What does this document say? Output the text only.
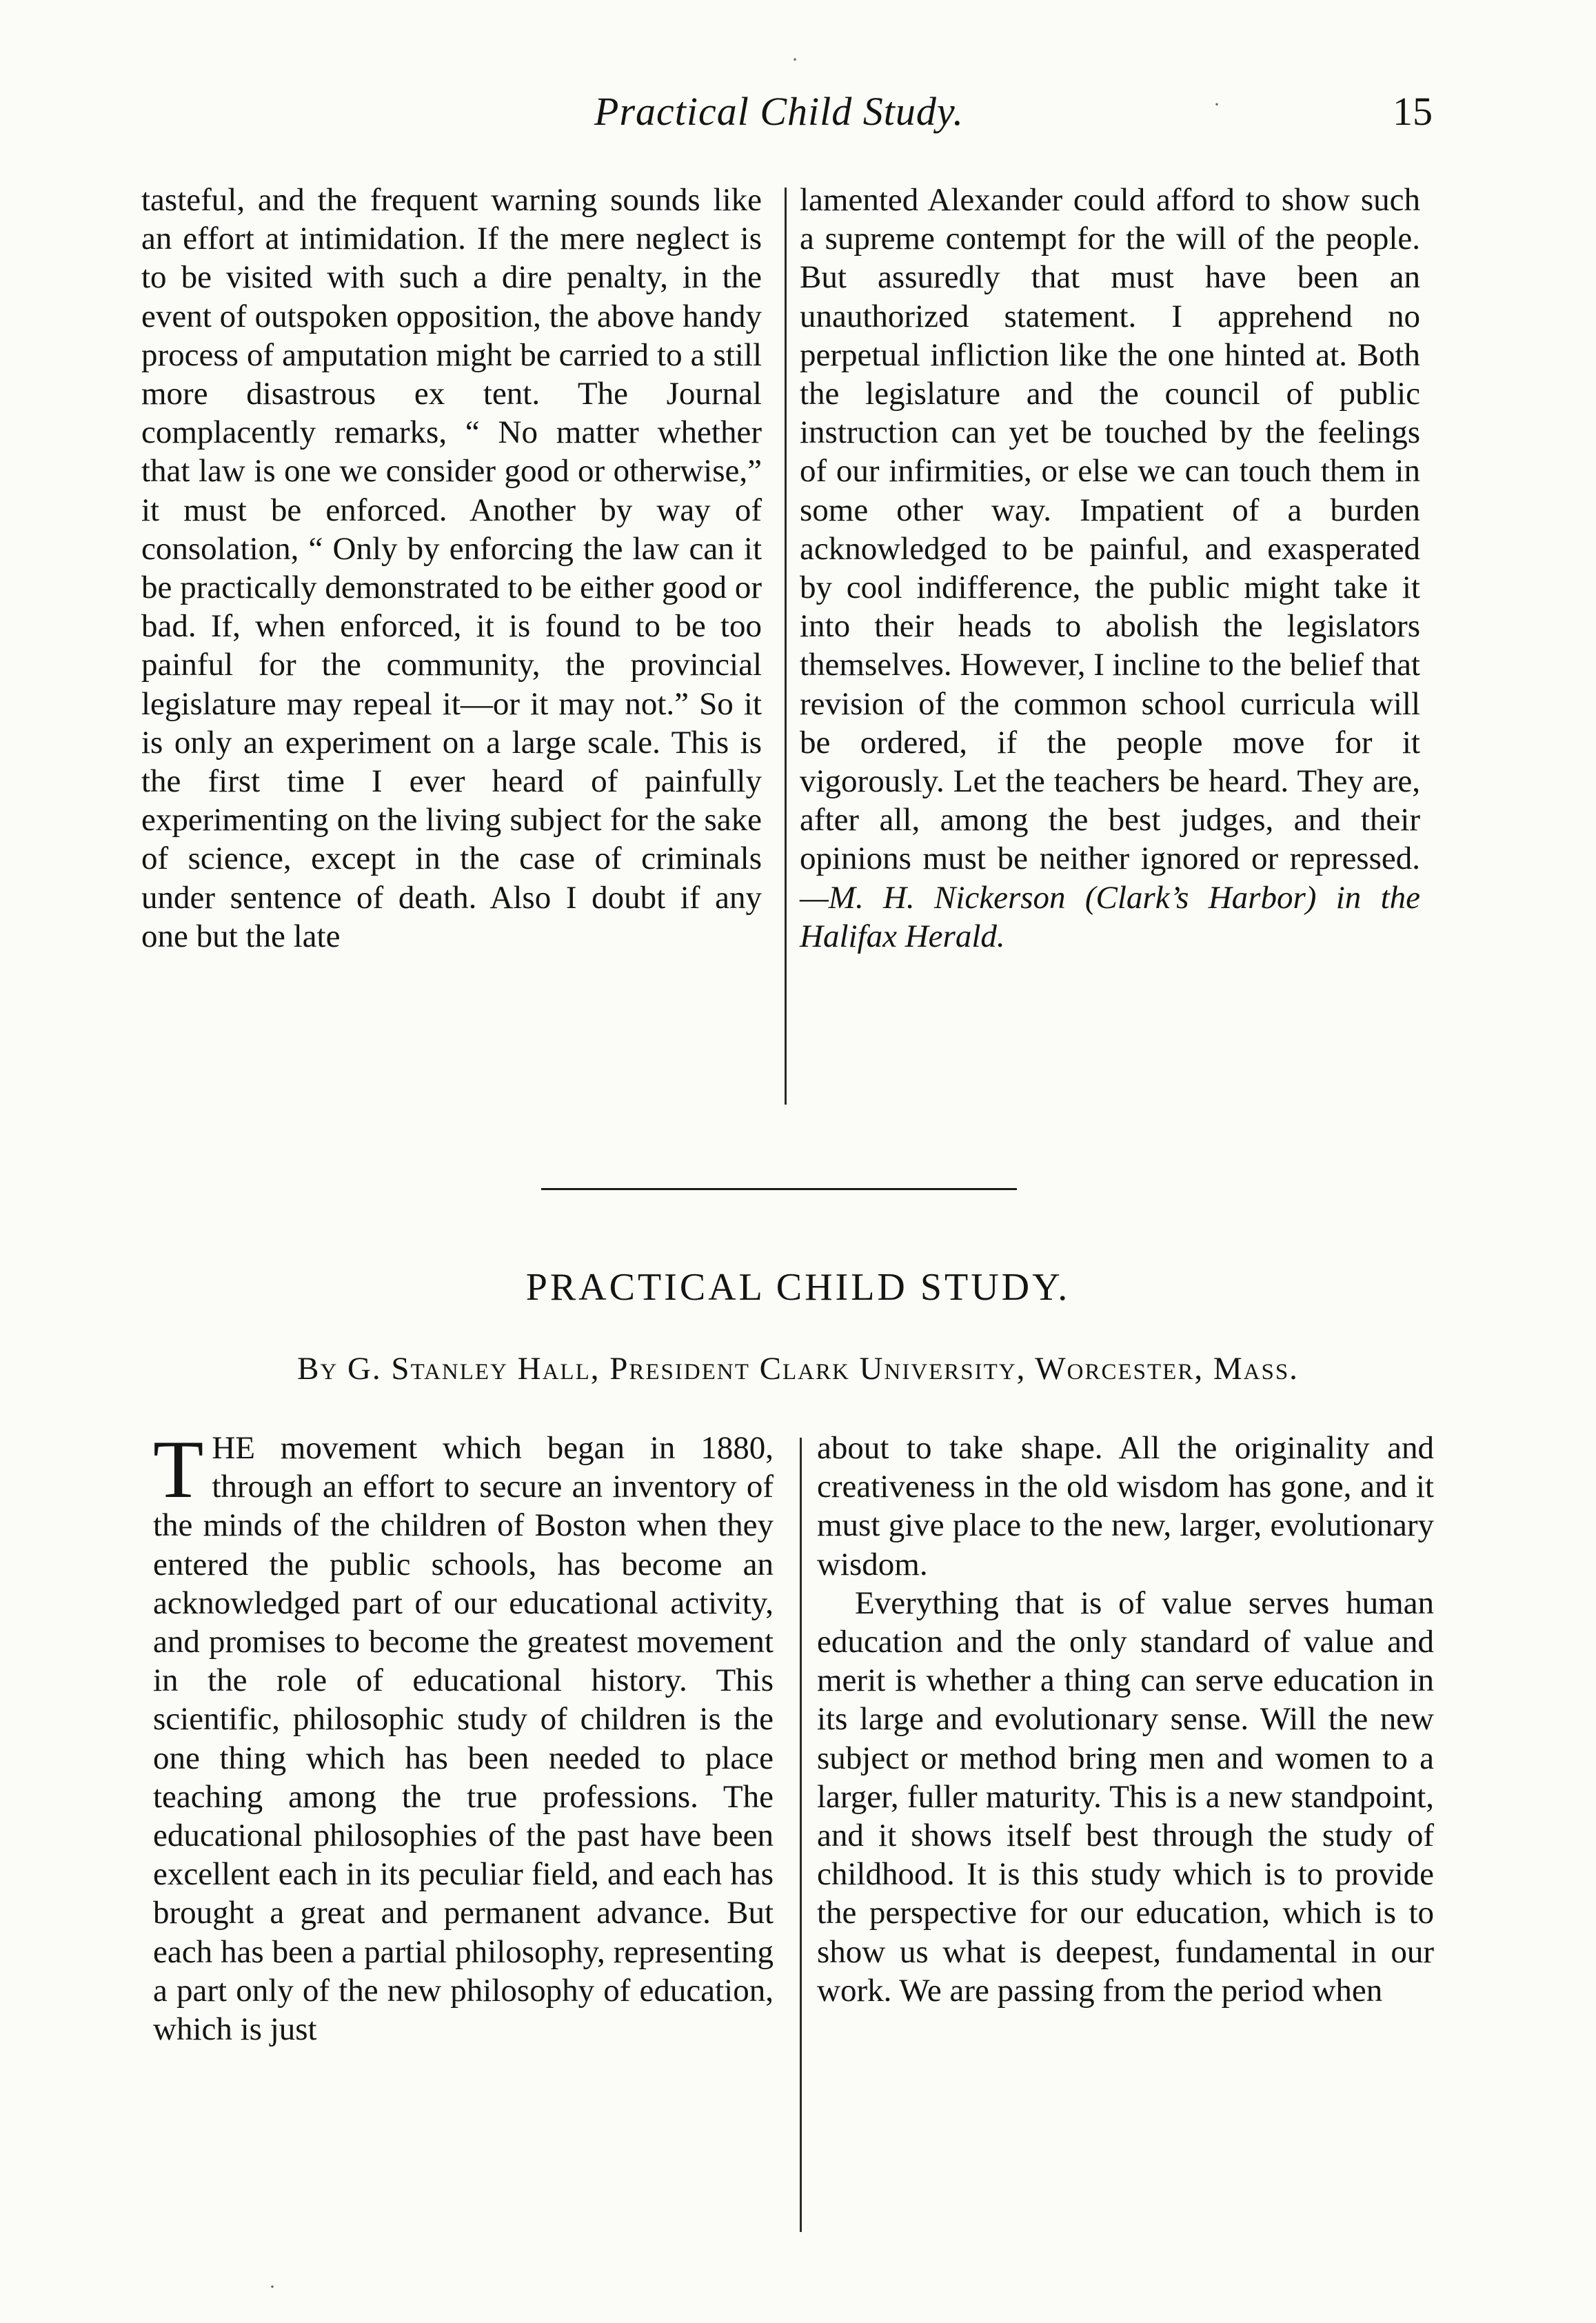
Practical Child Study.	15

tasteful, and the frequent warning sounds like an effort at intimidation. If the mere neglect is to be visited with such a dire penalty, in the event of outspoken opposition, the above handy process of amputation might be carried to a still more disastrous ex tent. The Journal complacently remarks, “ No matter whether that law is one we consider good or otherwise,” it must be enforced. Another by way of consolation, “ Only by enforcing the law can it be practically demonstrated to be either good or bad. If, when enforced, it is found to be too painful for the community, the provincial legislature may repeal it—or it may not.” So it is only an experiment on a large scale. This is the first time I ever heard of painfully experimenting on the living subject for the sake of science, except in the case of criminals under sentence of death. Also I doubt if any one but the late

lamented Alexander could afford to show such a supreme contempt for the will of the people. But assuredly that must have been an unauthorized statement. I apprehend no perpetual infliction like the one hinted at. Both the legislature and the council of public instruction can yet be touched by the feelings of our infirmities, or else we can touch them in some other way. Impatient of a burden acknowledged to be painful, and exasperated by cool indifference, the public might take it into their heads to abolish the legislators themselves. However, I incline to the belief that revision of the common school curricula will be ordered, if the people move for it vigorously. Let the teachers be heard. They are, after all, among the best judges, and their opinions must be neither ignored or repressed.—M. H. Nickerson (Clark’s Harbor) in the Halifax Herald.

PRACTICAL CHILD STUDY.
By G. Stanley Hall, President Clark University, Worcester, Mass.

THE movement which began in 1880, through an effort to secure an inventory of the minds of the children of Boston when they entered the public schools, has become an acknowledged part of our educational activity, and promises to become the greatest movement in the role of educational history. This scientific, philosophic study of children is the one thing which has been needed to place teaching among the true professions. The educational philosophies of the past have been excellent each in its peculiar field, and each has brought a great and permanent advance. But each has been a partial philosophy, representing a part only of the new philosophy of education, which is just

about to take shape. All the originality and creativeness in the old wisdom has gone, and it must give place to the new, larger, evolutionary wisdom.

Everything that is of value serves human education and the only standard of value and merit is whether a thing can serve education in its large and evolutionary sense. Will the new subject or method bring men and women to a larger, fuller maturity. This is a new standpoint, and it shows itself best through the study of childhood. It is this study which is to provide the perspective for our education, which is to show us what is deepest, fundamental in our work. We are passing from the period when

·
·
·
